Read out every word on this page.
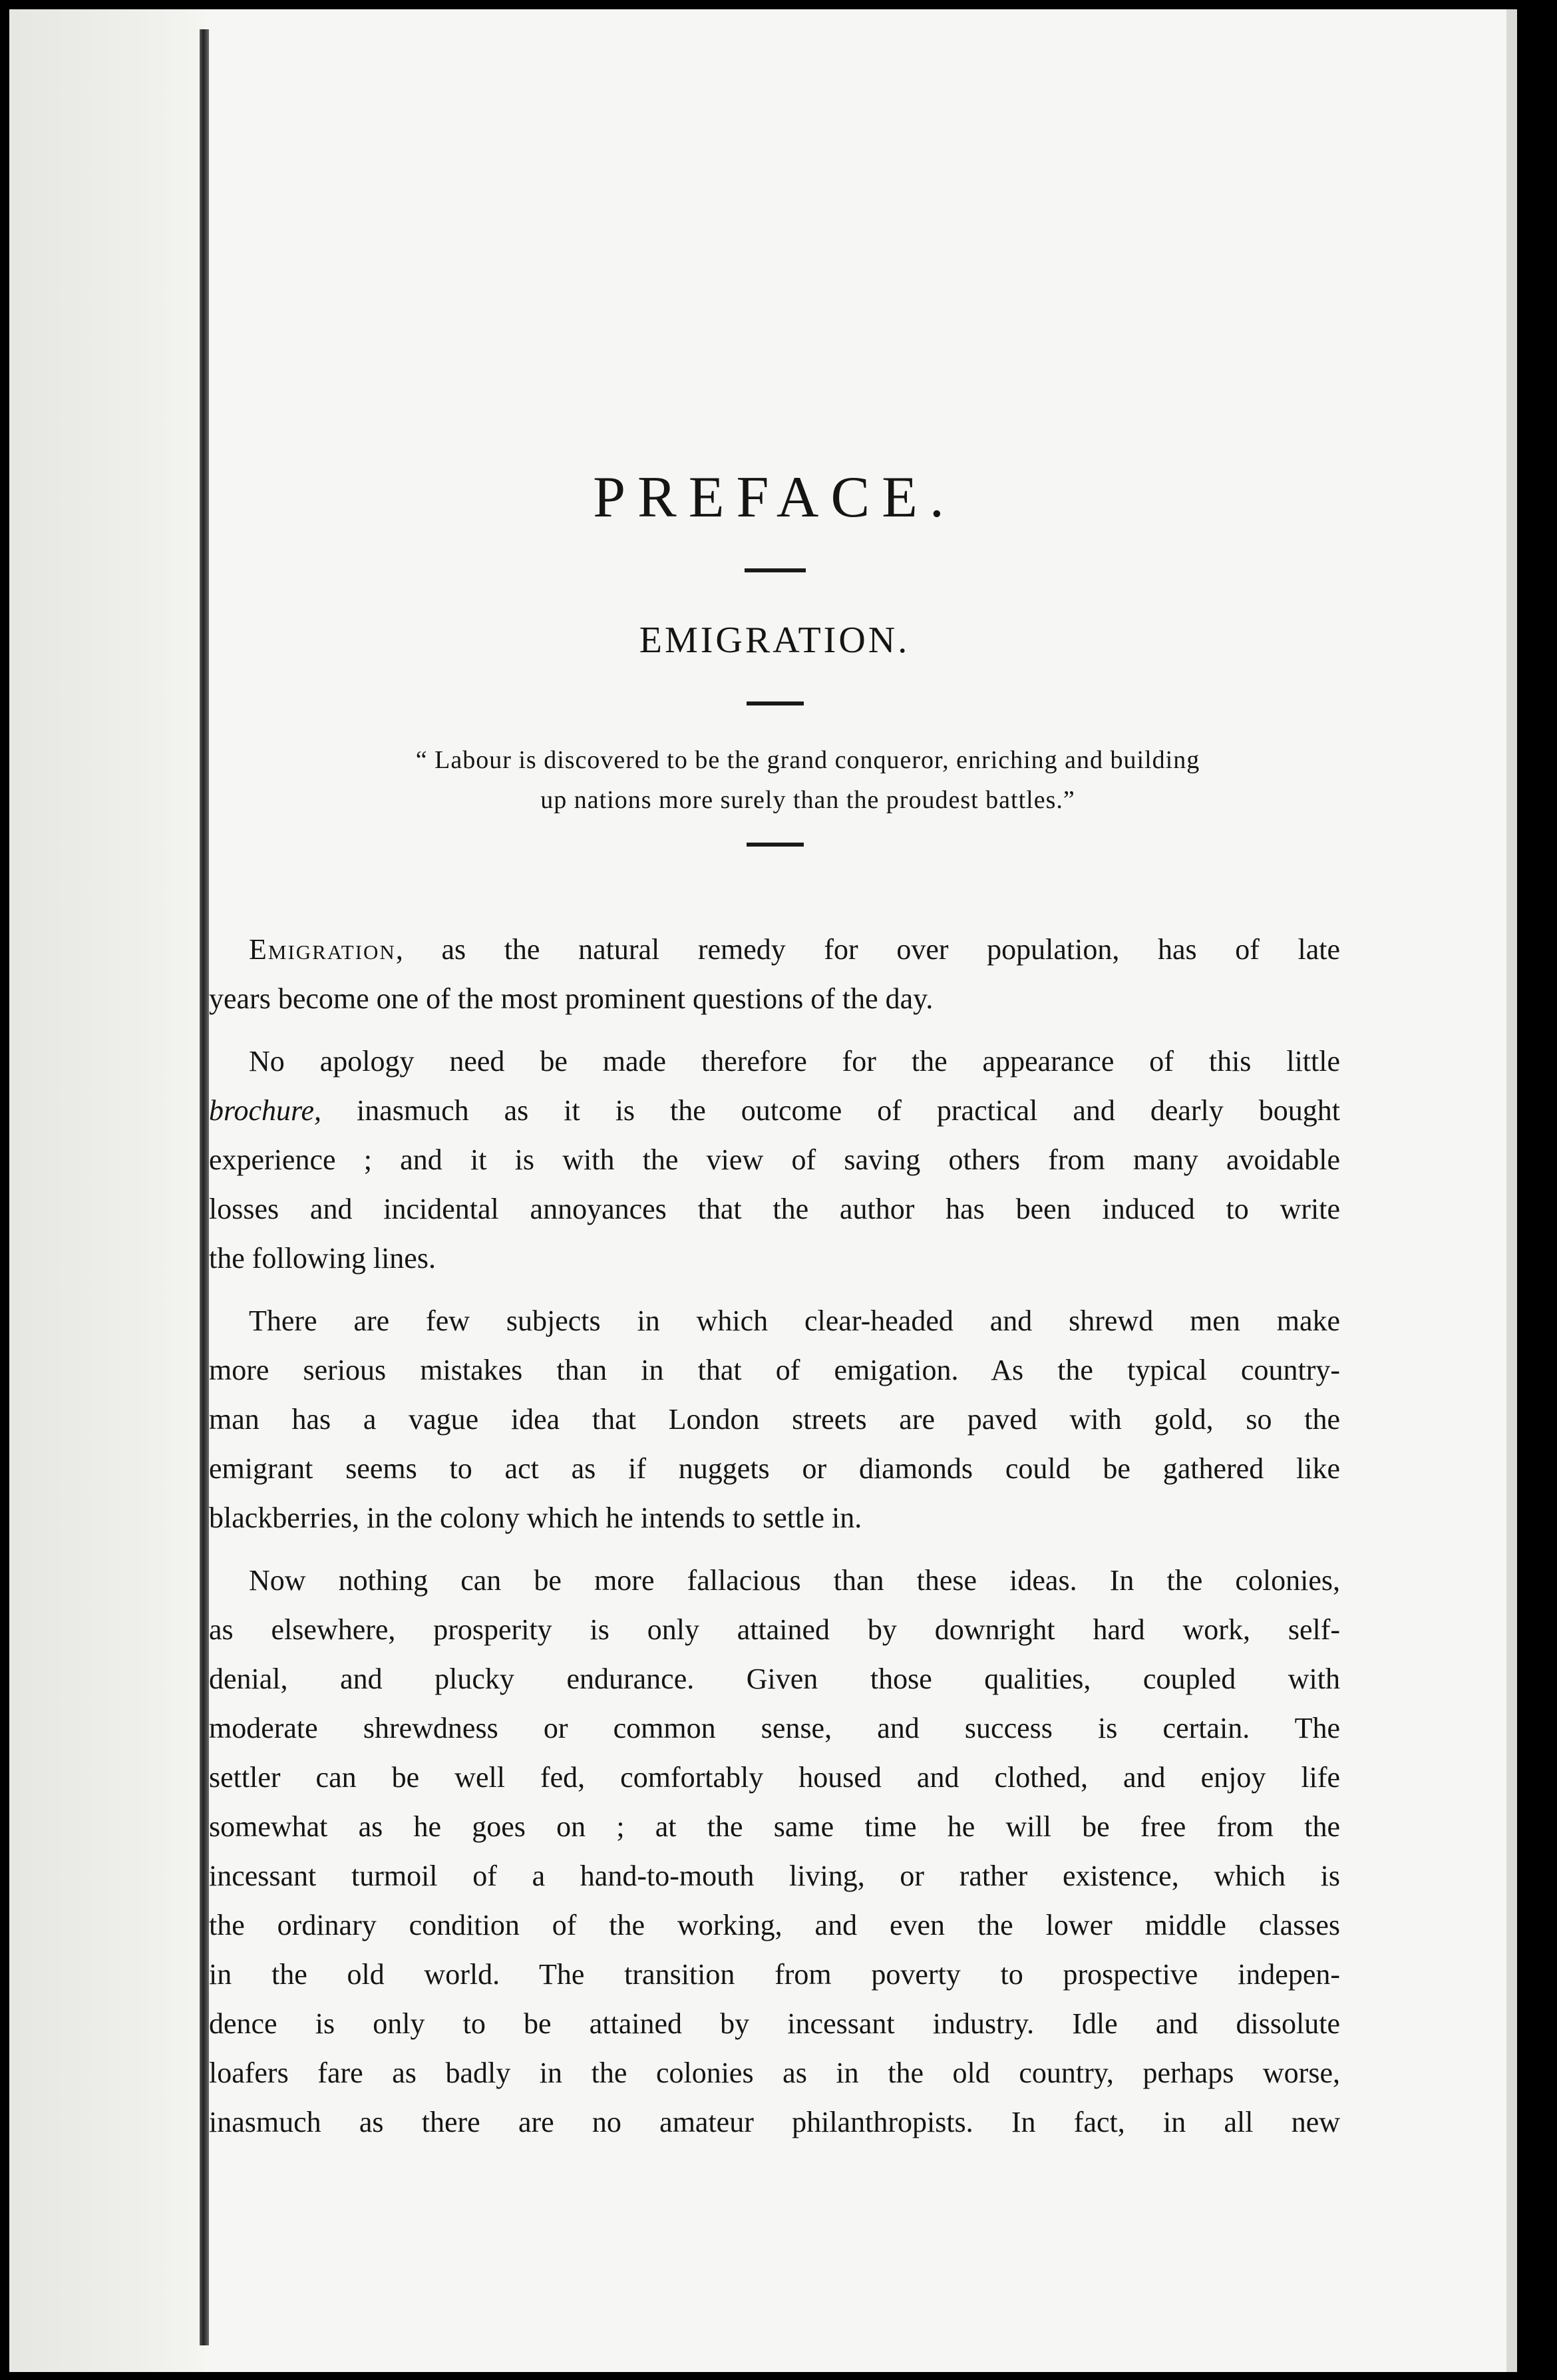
PREFACE.
EMIGRATION.
“ Labour is discovered to be the grand conqueror, enriching and building
up nations more surely than the proudest battles.”
Emigration, as the natural remedy for over population, has of late
years become one of the most prominent questions of the day.
No apology need be made therefore for the appearance of this little
brochure, inasmuch as it is the outcome of practical and dearly bought
experience ; and it is with the view of saving others from many avoidable
losses and incidental annoyances that the author has been induced to write
the following lines.
There are few subjects in which clear-headed and shrewd men make
more serious mistakes than in that of emigation. As the typical country-
man has a vague idea that London streets are paved with gold, so the
emigrant seems to act as if nuggets or diamonds could be gathered like
blackberries, in the colony which he intends to settle in.
Now nothing can be more fallacious than these ideas. In the colonies,
as elsewhere, prosperity is only attained by downright hard work, self-
denial, and plucky endurance. Given those qualities, coupled with
moderate shrewdness or common sense, and success is certain. The
settler can be well fed, comfortably housed and clothed, and enjoy life
somewhat as he goes on ; at the same time he will be free from the
incessant turmoil of a hand-to-mouth living, or rather existence, which is
the ordinary condition of the working, and even the lower middle classes
in the old world. The transition from poverty to prospective indepen-
dence is only to be attained by incessant industry. Idle and dissolute
loafers fare as badly in the colonies as in the old country, perhaps worse,
inasmuch as there are no amateur philanthropists. In fact, in all new
